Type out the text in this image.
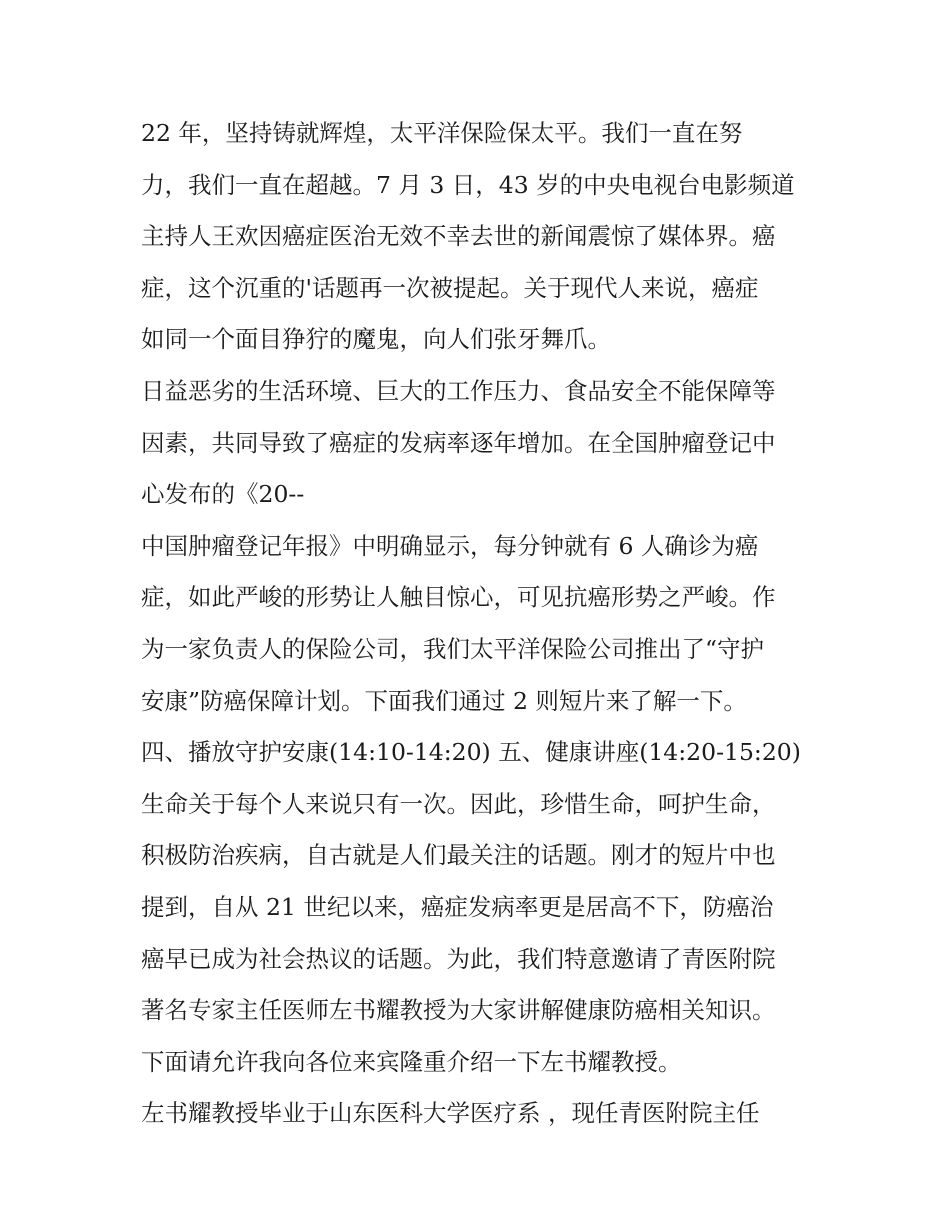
22 年，坚持铸就辉煌，太平洋保险保太平。我们一直在努

力，我们一直在超越。7 月 3 日，43 岁的中央电视台电影频道

主持人王欢因癌症医治无效不幸去世的新闻震惊了媒体界。癌

症，这个沉重的'话题再一次被提起。关于现代人来说，癌症

如同一个面目狰狞的魔鬼，向人们张牙舞爪。

日益恶劣的生活环境、巨大的工作压力、食品安全不能保障等

因素，共同导致了癌症的发病率逐年增加。在全国肿瘤登记中

心发布的《20--

中国肿瘤登记年报》中明确显示，每分钟就有 6 人确诊为癌

症，如此严峻的形势让人触目惊心，可见抗癌形势之严峻。作

为一家负责人的保险公司，我们太平洋保险公司推出了“守护

安康”防癌保障计划。下面我们通过 2 则短片来了解一下。

四、播放守护安康(14:10-14:20) 五、健康讲座(14:20-15:20)

生命关于每个人来说只有一次。因此，珍惜生命，呵护生命，

积极防治疾病，自古就是人们最关注的话题。刚才的短片中也

提到，自从 21 世纪以来，癌症发病率更是居高不下，防癌治

癌早已成为社会热议的话题。为此，我们特意邀请了青医附院

著名专家主任医师左书耀教授为大家讲解健康防癌相关知识。

下面请允许我向各位来宾隆重介绍一下左书耀教授。

左书耀教授毕业于山东医科大学医疗系 ，现任青医附院主任
